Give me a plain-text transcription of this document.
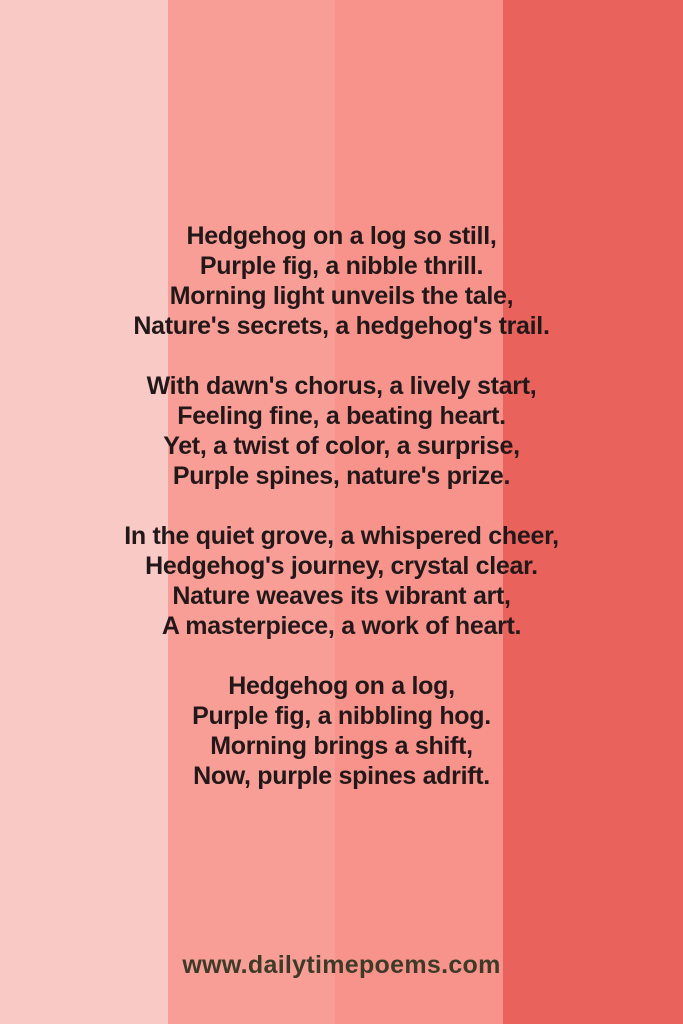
Hedgehog on a log so still,
Purple fig, a nibble thrill.
Morning light unveils the tale,
Nature's secrets, a hedgehog's trail.
With dawn's chorus, a lively start,
Feeling fine, a beating heart.
Yet, a twist of color, a surprise,
Purple spines, nature's prize.
In the quiet grove, a whispered cheer,
Hedgehog's journey, crystal clear.
Nature weaves its vibrant art,
A masterpiece, a work of heart.
Hedgehog on a log,
Purple fig, a nibbling hog.
Morning brings a shift,
Now, purple spines adrift.
www.dailytimepoems.com
